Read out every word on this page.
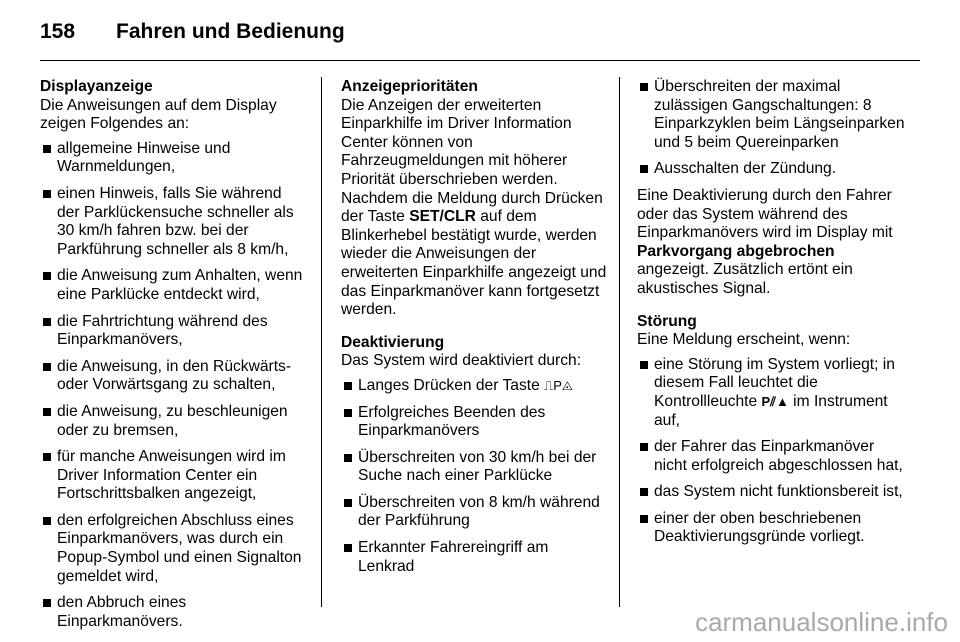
158	Fahren und Bedienung
Displayanzeige

Die Anweisungen auf dem Display zeigen Folgendes an:

allgemeine Hinweise und Warnmeldungen,
einen Hinweis, falls Sie während der Parklückensuche schneller als 30 km/h fahren bzw. bei der Parkführung schneller als 8 km/h,
die Anweisung zum Anhalten, wenn eine Parklücke entdeckt wird,
die Fahrtrichtung während des Einparkmanövers,
die Anweisung, in den Rückwärts- oder Vorwärtsgang zu schalten,
die Anweisung, zu beschleunigen oder zu bremsen,
für manche Anweisungen wird im Driver Information Center ein Fortschrittsbalken angezeigt,
den erfolgreichen Abschluss eines Einparkmanövers, was durch ein Popup-Symbol und einen Signalton gemeldet wird,
den Abbruch eines Einparkmanövers.
Anzeigeprioritäten

Die Anzeigen der erweiterten Einparkhilfe im Driver Information Center können von Fahrzeugmeldungen mit höherer Priorität überschrieben werden. Nachdem die Meldung durch Drücken der Taste SET/CLR auf dem Blinkerhebel bestätigt wurde, werden wieder die Anweisungen der erweiterten Einparkhilfe angezeigt und das Einparkmanöver kann fortgesetzt werden.

Deaktivierung

Das System wird deaktiviert durch:

Langes Drücken der Taste ⎍P◬
Erfolgreiches Beenden des Einparkmanövers
Überschreiten von 30 km/h bei der Suche nach einer Parklücke
Überschreiten von 8 km/h während der Parkführung
Erkannter Fahrereingriff am Lenkrad
Überschreiten der maximal zulässigen Gangschaltungen: 8 Einparkzyklen beim Längseinparken und 5 beim Quereinparken
Ausschalten der Zündung.

Eine Deaktivierung durch den Fahrer oder das System während des Einparkmanövers wird im Display mit Parkvorgang abgebrochen angezeigt. Zusätzlich ertönt ein akustisches Signal.

Störung

Eine Meldung erscheint, wenn:

eine Störung im System vorliegt; in diesem Fall leuchtet die Kontrollleuchte P⫽▲ im Instrument auf,
der Fahrer das Einparkmanöver nicht erfolgreich abgeschlossen hat,
das System nicht funktionsbereit ist,
einer der oben beschriebenen Deaktivierungsgründe vorliegt.
carmanualsonline.info
